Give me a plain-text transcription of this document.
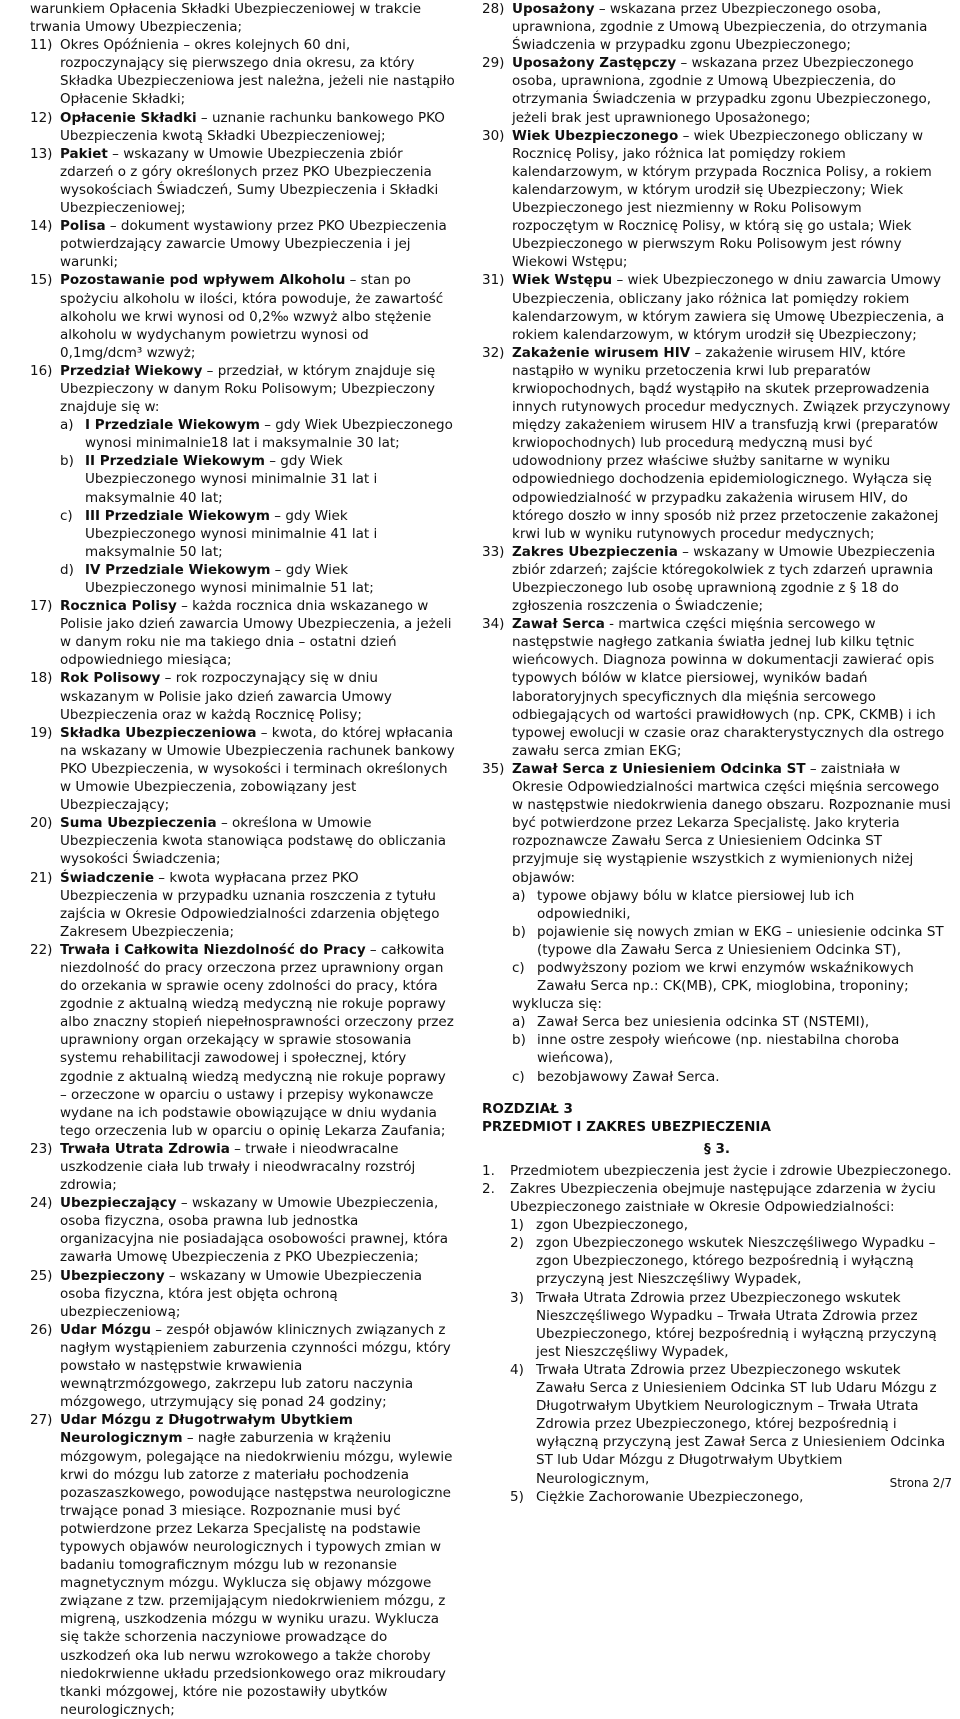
warunkiem Opłacenia Składki Ubezpieczeniowej w trakcie
trwania Umowy Ubezpieczenia;
11) Okres Opóźnienia – okres kolejnych 60 dni, rozpoczynający się pierwszego dnia okresu, za który Składka Ubezpieczeniowa jest należna, jeżeli nie nastąpiło Opłacenie Składki;
12) Opłacenie Składki – uznanie rachunku bankowego PKO Ubezpieczenia kwotą Składki Ubezpieczeniowej;
13) Pakiet – wskazany w Umowie Ubezpieczenia zbiór zdarzeń o z góry określonych przez PKO Ubezpieczenia wysokościach Świadczeń, Sumy Ubezpieczenia i Składki Ubezpieczeniowej;
14) Polisa – dokument wystawiony przez PKO Ubezpieczenia potwierdzający zawarcie Umowy Ubezpieczenia i jej warunki;
15) Pozostawanie pod wpływem Alkoholu – stan po spożyciu alkoholu w ilości, która powoduje, że zawartość alkoholu we krwi wynosi od 0,2‰ wzwyż albo stężenie alkoholu w wydychanym powietrzu wynosi od 0,1mg/dcm³ wzwyż;
16) Przedział Wiekowy – przedział, w którym znajduje się Ubezpieczony w danym Roku Polisowym; Ubezpieczony znajduje się w:
a) I Przedziale Wiekowym – gdy Wiek Ubezpieczonego wynosi minimalnie18 lat i maksymalnie 30 lat;
b) II Przedziale Wiekowym – gdy Wiek Ubezpieczonego wynosi minimalnie 31 lat i maksymalnie 40 lat;
c) III Przedziale Wiekowym – gdy Wiek Ubezpieczonego wynosi minimalnie 41 lat i maksymalnie 50 lat;
d) IV Przedziale Wiekowym – gdy Wiek Ubezpieczonego wynosi minimalnie 51 lat;
17) Rocznica Polisy – każda rocznica dnia wskazanego w Polisie jako dzień zawarcia Umowy Ubezpieczenia, a jeżeli w danym roku nie ma takiego dnia – ostatni dzień odpowiedniego miesiąca;
18) Rok Polisowy – rok rozpoczynający się w dniu wskazanym w Polisie jako dzień zawarcia Umowy Ubezpieczenia oraz w każdą Rocznicę Polisy;
19) Składka Ubezpieczeniowa – kwota, do której wpłacania na wskazany w Umowie Ubezpieczenia rachunek bankowy PKO Ubezpieczenia, w wysokości i terminach określonych w Umowie Ubezpieczenia, zobowiązany jest Ubezpieczający;
20) Suma Ubezpieczenia – określona w Umowie Ubezpieczenia kwota stanowiąca podstawę do obliczania wysokości Świadczenia;
21) Świadczenie – kwota wypłacana przez PKO Ubezpieczenia w przypadku uznania roszczenia z tytułu zajścia w Okresie Odpowiedzialności zdarzenia objętego Zakresem Ubezpieczenia;
22) Trwała i Całkowita Niezdolność do Pracy – całkowita niezdolność do pracy orzeczona przez uprawniony organ do orzekania w sprawie oceny zdolności do pracy, która zgodnie z aktualną wiedzą medyczną nie rokuje poprawy albo znaczny stopień niepełnosprawności orzeczony przez uprawniony organ orzekający w sprawie stosowania systemu rehabilitacji zawodowej i społecznej, który zgodnie z aktualną wiedzą medyczną nie rokuje poprawy – orzeczone w oparciu o ustawy i przepisy wykonawcze wydane na ich podstawie obowiązujące w dniu wydania tego orzeczenia lub w oparciu o opinię Lekarza Zaufania;
23) Trwała Utrata Zdrowia – trwałe i nieodwracalne uszkodzenie ciała lub trwały i nieodwracalny rozstrój zdrowia;
24) Ubezpieczający – wskazany w Umowie Ubezpieczenia, osoba fizyczna, osoba prawna lub jednostka organizacyjna nie posiadająca osobowości prawnej, która zawarła Umowę Ubezpieczenia z PKO Ubezpieczenia;
25) Ubezpieczony – wskazany w Umowie Ubezpieczenia osoba fizyczna, która jest objęta ochroną ubezpieczeniową;
26) Udar Mózgu – zespół objawów klinicznych związanych z nagłym wystąpieniem zaburzenia czynności mózgu, który powstało w następstwie krwawienia wewnątrzmózgowego, zakrzepu lub zatoru naczynia mózgowego, utrzymujący się ponad 24 godziny;
27) Udar Mózgu z Długotrwałym Ubytkiem Neurologicznym – nagłe zaburzenia w krążeniu mózgowym, polegające na niedokrwieniu mózgu, wylewie krwi do mózgu lub zatorze z materiału pochodzenia pozaszaszkowego, powodujące następstwa neurologiczne trwające ponad 3 miesiące. Rozpoznanie musi być potwierdzone przez Lekarza Specjalistę na podstawie typowych objawów neurologicznych i typowych zmian w badaniu tomograficznym mózgu lub w rezonansie magnetycznym mózgu. Wyklucza się objawy mózgowe związane z tzw. przemijającym niedokrwieniem mózgu, z migreną, uszkodzenia mózgu w wyniku urazu. Wyklucza się także schorzenia naczyniowe prowadzące do uszkodzeń oka lub nerwu wzrokowego a także choroby niedokrwienne układu przedsionkowego oraz mikroudary tkanki mózgowej, które nie pozostawiły ubytków neurologicznych;
28) Uposażony – wskazana przez Ubezpieczonego osoba, uprawniona, zgodnie z Umową Ubezpieczenia, do otrzymania Świadczenia w przypadku zgonu Ubezpieczonego;
29) Uposażony Zastępczy – wskazana przez Ubezpieczonego osoba, uprawniona, zgodnie z Umową Ubezpieczenia, do otrzymania Świadczenia w przypadku zgonu Ubezpieczonego, jeżeli brak jest uprawnionego Uposażonego;
30) Wiek Ubezpieczonego – wiek Ubezpieczonego obliczany w Rocznicę Polisy, jako różnica lat pomiędzy rokiem kalendarzowym, w którym przypada Rocznica Polisy, a rokiem kalendarzowym, w którym urodził się Ubezpieczony; Wiek Ubezpieczonego jest niezmienny w Roku Polisowym rozpoczętym w Rocznicę Polisy, w którą się go ustala; Wiek Ubezpieczonego w pierwszym Roku Polisowym jest równy Wiekowi Wstępu;
31) Wiek Wstępu – wiek Ubezpieczonego w dniu zawarcia Umowy Ubezpieczenia, obliczany jako różnica lat pomiędzy rokiem kalendarzowym, w którym zawiera się Umowę Ubezpieczenia, a rokiem kalendarzowym, w którym urodził się Ubezpieczony;
32) Zakażenie wirusem HIV – zakażenie wirusem HIV, które nastąpiło w wyniku przetoczenia krwi lub preparatów krwiopochodnych, bądź wystąpiło na skutek przeprowadzenia innych rutynowych procedur medycznych. Związek przyczynowy między zakażeniem wirusem HIV a transfuzją krwi (preparatów krwiopochodnych) lub procedurą medyczną musi być udowodniony przez właściwe służby sanitarne w wyniku odpowiedniego dochodzenia epidemiologicznego. Wyłącza się odpowiedzialność w przypadku zakażenia wirusem HIV, do którego doszło w inny sposób niż przez przetoczenie zakażonej krwi lub w wyniku rutynowych procedur medycznych;
33) Zakres Ubezpieczenia – wskazany w Umowie Ubezpieczenia zbiór zdarzeń; zajście któregokolwiek z tych zdarzeń uprawnia Ubezpieczonego lub osobę uprawnioną zgodnie z § 18 do zgłoszenia roszczenia o Świadczenie;
34) Zawał Serca - martwica części mięśnia sercowego w następstwie nagłego zatkania światła jednej lub kilku tętnic wieńcowych. Diagnoza powinna w dokumentacji zawierać opis typowych bólów w klatce piersiowej, wyników badań laboratoryjnych specyficznych dla mięśnia sercowego odbiegających od wartości prawidłowych (np. CPK, CKMB) i ich typowej ewolucji w czasie oraz charakterystycznych dla ostrego zawału serca zmian EKG;
35) Zawał Serca z Uniesieniem Odcinka ST – zaistniała w Okresie Odpowiedzialności martwica części mięśnia sercowego w następstwie niedokrwienia danego obszaru. Rozpoznanie musi być potwierdzone przez Lekarza Specjalistę. Jako kryteria rozpoznawcze Zawału Serca z Uniesieniem Odcinka ST przyjmuje się wystąpienie wszystkich z wymienionych niżej objawów:
a) typowe objawy bólu w klatce piersiowej lub ich odpowiedniki,
b) pojawienie się nowych zmian w EKG – uniesienie odcinka ST (typowe dla Zawału Serca z Uniesieniem Odcinka ST),
c) podwyższony poziom we krwi enzymów wskaźnikowych Zawału Serca np.: CK(MB), CPK, mioglobina, troponiny;
wyklucza się:
a) Zawał Serca bez uniesienia odcinka ST (NSTEMI),
b) inne ostre zespoły wieńcowe (np. niestabilna choroba wieńcowa),
c) bezobjawowy Zawał Serca.
ROZDZIAŁ 3
PRZEDMIOT I ZAKRES UBEZPIECZENIA
§ 3.
1.	Przedmiotem ubezpieczenia jest życie i zdrowie Ubezpieczonego.
2.	Zakres Ubezpieczenia obejmuje następujące zdarzenia w życiu Ubezpieczonego zaistniałe w Okresie Odpowiedzialności:
1) zgon Ubezpieczonego,
2) zgon Ubezpieczonego wskutek Nieszczęśliwego Wypadku – zgon Ubezpieczonego, którego bezpośrednią i wyłączną przyczyną jest Nieszczęśliwy Wypadek,
3) Trwała Utrata Zdrowia przez Ubezpieczonego wskutek Nieszczęśliwego Wypadku – Trwała Utrata Zdrowia przez Ubezpieczonego, której bezpośrednią i wyłączną przyczyną jest Nieszczęśliwy Wypadek,
4) Trwała Utrata Zdrowia przez Ubezpieczonego wskutek Zawału Serca z Uniesieniem Odcinka ST lub Udaru Mózgu z Długotrwałym Ubytkiem Neurologicznym – Trwała Utrata Zdrowia przez Ubezpieczonego, której bezpośrednią i wyłączną przyczyną jest Zawał Serca z Uniesieniem Odcinka ST lub Udar Mózgu z Długotrwałym Ubytkiem Neurologicznym,
5) Ciężkie Zachorowanie Ubezpieczonego,
Strona 2/7
